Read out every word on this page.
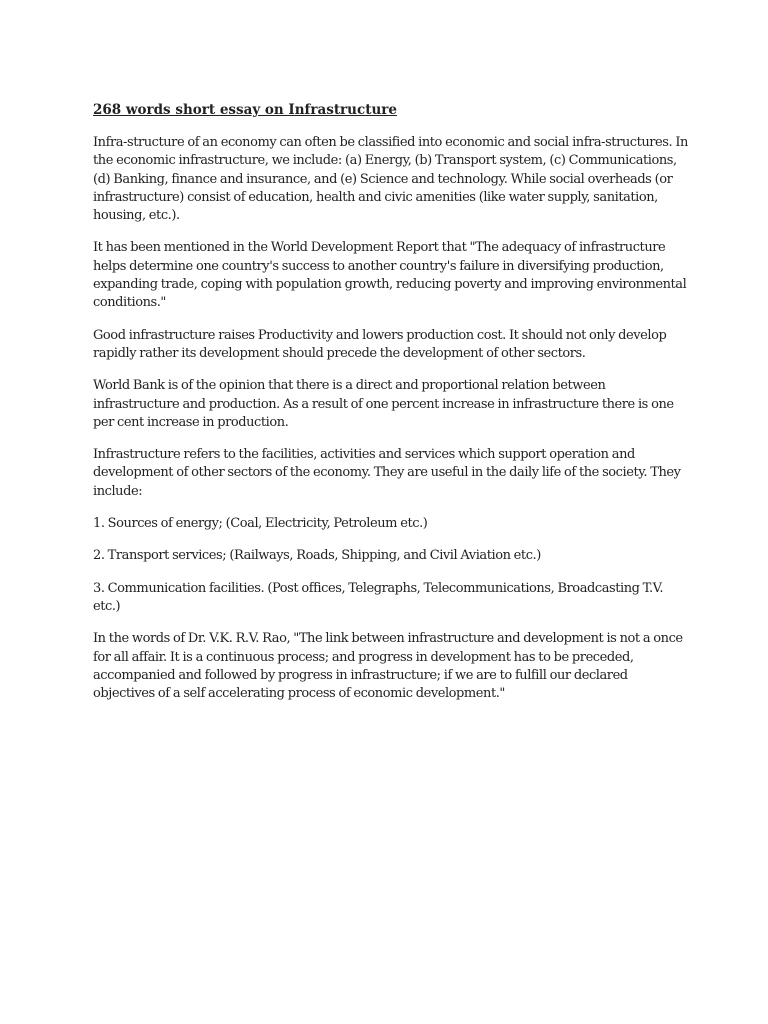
268 words short essay on Infrastructure

Infra-structure of an economy can often be classified into economic and social infra-structures. In the economic infrastructure, we include: (a) Energy, (b) Transport system, (c) Communications, (d) Banking, finance and insurance, and (e) Science and technology. While social overheads (or infrastructure) consist of education, health and civic amenities (like water supply, sanitation, housing, etc.).

It has been mentioned in the World Development Report that "The adequacy of infrastructure helps determine one country's success to another country's failure in diversifying production, expanding trade, coping with population growth, reducing poverty and improving environmental conditions."

Good infrastructure raises Productivity and lowers production cost. It should not only develop rapidly rather its development should precede the development of other sectors.

World Bank is of the opinion that there is a direct and proportional relation between infrastructure and production. As a result of one percent increase in infrastructure there is one per cent increase in production.

Infrastructure refers to the facilities, activities and services which support operation and development of other sectors of the economy. They are useful in the daily life of the society. They include:

1. Sources of energy; (Coal, Electricity, Petroleum etc.)

2. Transport services; (Railways, Roads, Shipping, and Civil Aviation etc.)

3. Communication facilities. (Post offices, Telegraphs, Telecommunications, Broadcasting T.V. etc.)

In the words of Dr. V.K. R.V. Rao, "The link between infrastructure and development is not a once for all affair. It is a continuous process; and progress in development has to be preceded, accompanied and followed by progress in infrastructure; if we are to fulfill our declared objectives of a self accelerating process of economic development."
